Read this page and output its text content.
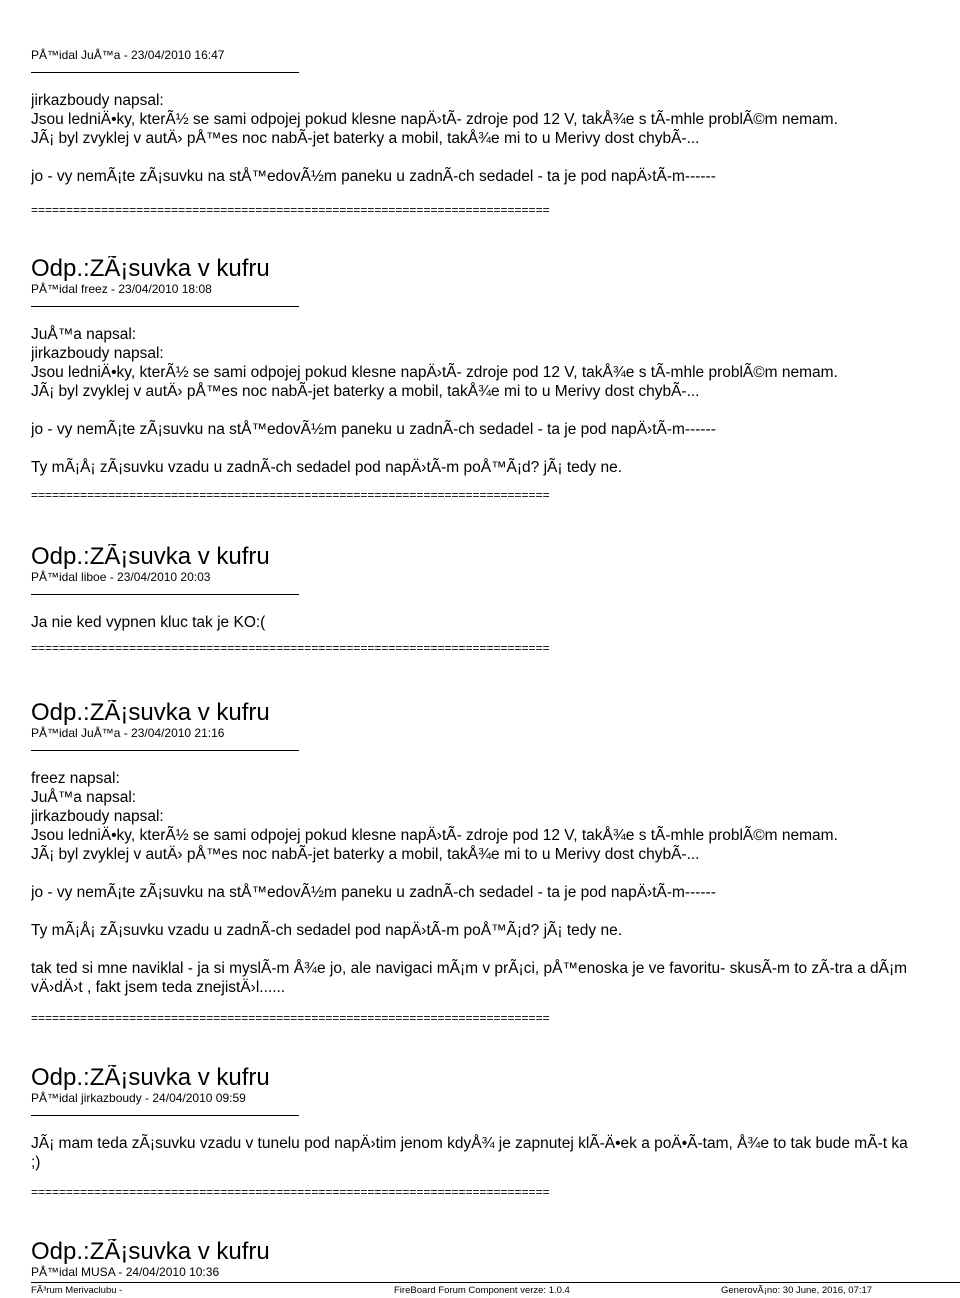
PÅ™idal JuÅ™a - 23/04/2010 16:47
jirkazboudy napsal:
Jsou ledniÄ•ky, kterÃ½ se sami odpojej pokud klesne napÄ›tÃ- zdroje pod 12 V, takÅ¾e s tÃ-mhle problÃ©m nemam.
JÃ¡ byl zvyklej v autÄ› pÅ™es noc nabÃ-jet baterky a mobil, takÅ¾e mi to u Merivy dost chybÃ-...
jo - vy nemÃ¡te zÃ¡suvku na stÅ™edovÃ½m paneku u zadnÃ-ch sedadel - ta je pod napÄ›tÃ-m------
==========================================================================
Odp.:ZÃ¡suvka v kufru
PÅ™idal freez - 23/04/2010 18:08
JuÅ™a napsal:
jirkazboudy napsal:
Jsou ledniÄ•ky, kterÃ½ se sami odpojej pokud klesne napÄ›tÃ- zdroje pod 12 V, takÅ¾e s tÃ-mhle problÃ©m nemam.
JÃ¡ byl zvyklej v autÄ› pÅ™es noc nabÃ-jet baterky a mobil, takÅ¾e mi to u Merivy dost chybÃ-...
jo - vy nemÃ¡te zÃ¡suvku na stÅ™edovÃ½m paneku u zadnÃ-ch sedadel - ta je pod napÄ›tÃ-m------
Ty mÃ¡Å¡ zÃ¡suvku vzadu u zadnÃ-ch sedadel pod napÄ›tÃ-m poÅ™Ã¡d? jÃ¡ tedy ne.
==========================================================================
Odp.:ZÃ¡suvka v kufru
PÅ™idal liboe - 23/04/2010 20:03
Ja nie ked vypnen kluc tak je KO:(
==========================================================================
Odp.:ZÃ¡suvka v kufru
PÅ™idal JuÅ™a - 23/04/2010 21:16
freez napsal:
JuÅ™a napsal:
jirkazboudy napsal:
Jsou ledniÄ•ky, kterÃ½ se sami odpojej pokud klesne napÄ›tÃ- zdroje pod 12 V, takÅ¾e s tÃ-mhle problÃ©m nemam.
JÃ¡ byl zvyklej v autÄ› pÅ™es noc nabÃ-jet baterky a mobil, takÅ¾e mi to u Merivy dost chybÃ-...
jo - vy nemÃ¡te zÃ¡suvku na stÅ™edovÃ½m paneku u zadnÃ-ch sedadel - ta je pod napÄ›tÃ-m------
Ty mÃ¡Å¡ zÃ¡suvku vzadu u zadnÃ-ch sedadel pod napÄ›tÃ-m poÅ™Ã¡d? jÃ¡ tedy ne.
tak ted si mne naviklal - ja si myslÃ-m Å¾e jo, ale navigaci mÃ¡m v prÃ¡ci, pÅ™enoska je ve favoritu- skusÃ-m to zÃ-tra a dÃ¡m
vÄ›dÄ›t , fakt jsem teda znejistÄ›l......
==========================================================================
Odp.:ZÃ¡suvka v kufru
PÅ™idal jirkazboudy - 24/04/2010 09:59
JÃ¡ mam teda zÃ¡suvku vzadu v tunelu pod napÄ›tim jenom kdyÅ¾ je zapnutej klÃ-Ä•ek a poÄ•Ã-tam, Å¾e to tak bude mÃ-t ka
;)
==========================================================================
Odp.:ZÃ¡suvka v kufru
PÅ™idal MUSA - 24/04/2010 10:36
FÃ³rum Merivaclubu -	FireBoard Forum Component verze: 1.0.4	GenerovÃ¡no: 30 June, 2016, 07:17
